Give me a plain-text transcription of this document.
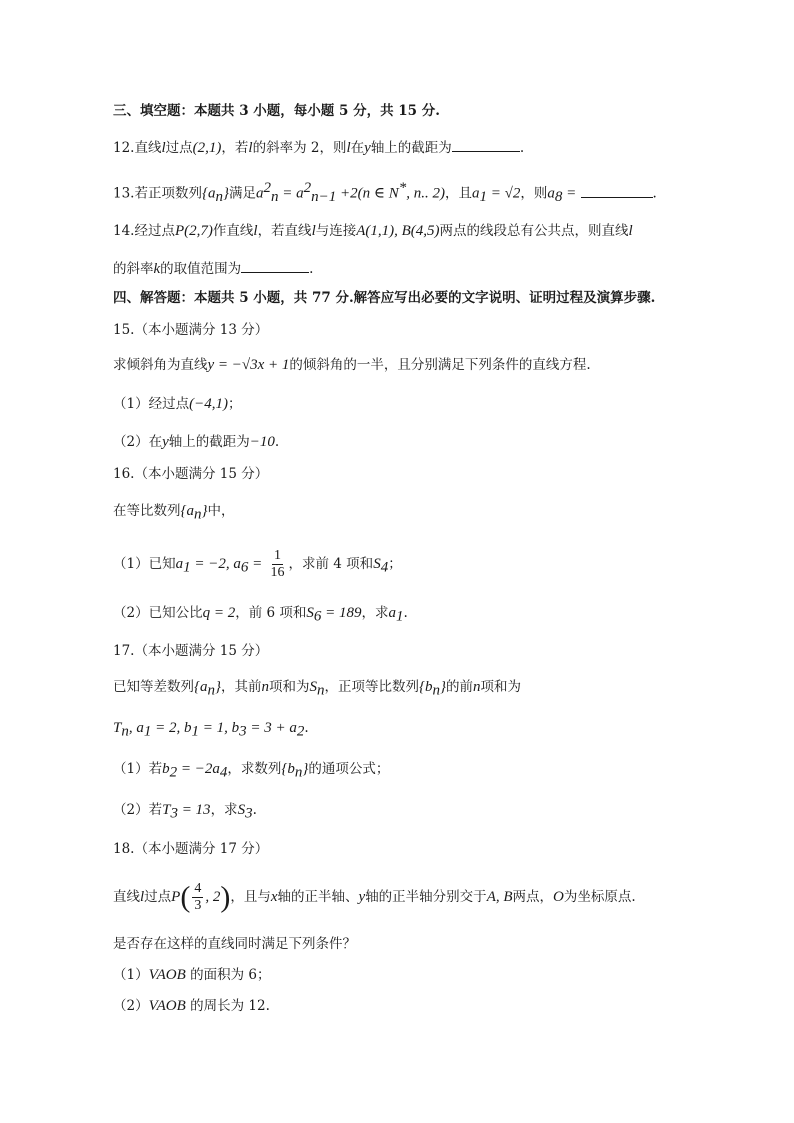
三、填空题：本题共 3 小题，每小题 5 分，共 15 分.
12.直线l过点(2,1)，若l的斜率为 2，则l在y轴上的截距为	.
13.若正项数列$\{a_n\}$满足$a^2_n = a^2_{n-1} +2(n$ ∈ N*, n.. 2)，且$a_1 = √2$，则$a_8$ =	.
14.经过点P(2,7)作直线l，若直线l与连接A(1,1), B(4,5)两点的线段总有公共点，则直线l
的斜率k的取值范围为	.
四、解答题：本题共 5 小题，共 77 分.解答应写出必要的文字说明、证明过程及演算步骤.
15.（本小题满分 13 分）
求倾斜角为直线y = −√3x + 1的倾斜角的一半，且分别满足下列条件的直线方程.
（1）经过点(−4,1)；
（2）在y轴上的截距为−10.
16.（本小题满分 15 分）
在等比数列$\{a_n\}$中，
（1）已知$a_1 = -2$, $a_6 = \frac{1}{16}$ ，求前 4 项和$S_4$；
（2）已知公比q = 2，前 6 项和$S_6 = 189$，求$a_1$.
17.（本小题满分 15 分）
已知等差数列$\{a_n\}$，其前n项和为$S_n$，正项等比数列$\{b_n\}$的前n项和为
$T_n$, $a_1 = 2$, $b_1 = 1$, $b_3 = 3 + a_2$.
（1）若$b_2 = -2a_4$，求数列$\{b_n\}$的通项公式；
（2）若$T_3 = 13$，求$S_3$.
18.（本小题满分 17 分）
直线l过点$P( \frac{4}{3}$ , 2)，且与x轴的正半轴、y轴的正半轴分别交于A, B两点，O为坐标原点.
是否存在这样的直线同时满足下列条件？
（1）VAOB 的面积为 6；
（2）VAOB 的周长为 12.
